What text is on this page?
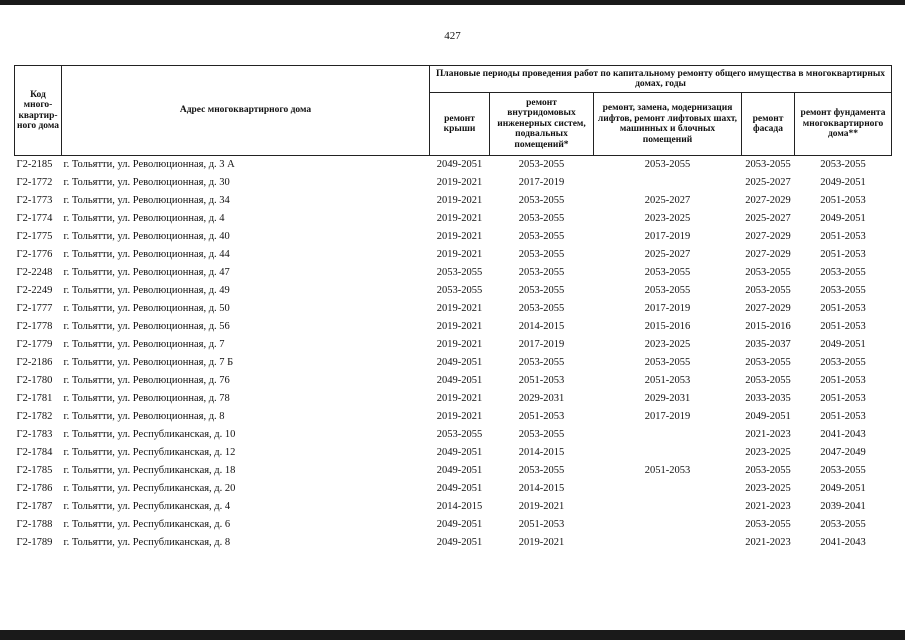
427
Код много-квартир-ного дома	Адрес многоквартирного дома	Плановые периоды проведения работ по капитальному ремонту общего имущества в многоквартирных домах, годы				
		ремонт крыши	ремонт внутридомовых инженерных систем, подвальных помещений*	ремонт, замена, модернизация лифтов, ремонт лифтовых шахт, машинных и блочных помещений	ремонт фасада	ремонт фундамента многоквартирного дома**
Г2-2185	г. Тольятти, ул. Революционная, д. 3 А	2049-2051	2053-2055	2053-2055	2053-2055	2053-2055
Г2-1772	г. Тольятти, ул. Революционная, д. 30	2019-2021	2017-2019		2025-2027	2049-2051
Г2-1773	г. Тольятти, ул. Революционная, д. 34	2019-2021	2053-2055	2025-2027	2027-2029	2051-2053
Г2-1774	г. Тольятти, ул. Революционная, д. 4	2019-2021	2053-2055	2023-2025	2025-2027	2049-2051
Г2-1775	г. Тольятти, ул. Революционная, д. 40	2019-2021	2053-2055	2017-2019	2027-2029	2051-2053
Г2-1776	г. Тольятти, ул. Революционная, д. 44	2019-2021	2053-2055	2025-2027	2027-2029	2051-2053
Г2-2248	г. Тольятти, ул. Революционная, д. 47	2053-2055	2053-2055	2053-2055	2053-2055	2053-2055
Г2-2249	г. Тольятти, ул. Революционная, д. 49	2053-2055	2053-2055	2053-2055	2053-2055	2053-2055
Г2-1777	г. Тольятти, ул. Революционная, д. 50	2019-2021	2053-2055	2017-2019	2027-2029	2051-2053
Г2-1778	г. Тольятти, ул. Революционная, д. 56	2019-2021	2014-2015	2015-2016	2015-2016	2051-2053
Г2-1779	г. Тольятти, ул. Революционная, д. 7	2019-2021	2017-2019	2023-2025	2035-2037	2049-2051
Г2-2186	г. Тольятти, ул. Революционная, д. 7 Б	2049-2051	2053-2055	2053-2055	2053-2055	2053-2055
Г2-1780	г. Тольятти, ул. Революционная, д. 76	2049-2051	2051-2053	2051-2053	2053-2055	2051-2053
Г2-1781	г. Тольятти, ул. Революционная, д. 78	2019-2021	2029-2031	2029-2031	2033-2035	2051-2053
Г2-1782	г. Тольятти, ул. Революционная, д. 8	2019-2021	2051-2053	2017-2019	2049-2051	2051-2053
Г2-1783	г. Тольятти, ул. Республиканская, д. 10	2053-2055	2053-2055		2021-2023	2041-2043
Г2-1784	г. Тольятти, ул. Республиканская, д. 12	2049-2051	2014-2015		2023-2025	2047-2049
Г2-1785	г. Тольятти, ул. Республиканская, д. 18	2049-2051	2053-2055	2051-2053	2053-2055	2053-2055
Г2-1786	г. Тольятти, ул. Республиканская, д. 20	2049-2051	2014-2015		2023-2025	2049-2051
Г2-1787	г. Тольятти, ул. Республиканская, д. 4	2014-2015	2019-2021		2021-2023	2039-2041
Г2-1788	г. Тольятти, ул. Республиканская, д. 6	2049-2051	2051-2053		2053-2055	2053-2055
Г2-1789	г. Тольятти, ул. Республиканская, д. 8	2049-2051	2019-2021		2021-2023	2041-2043
